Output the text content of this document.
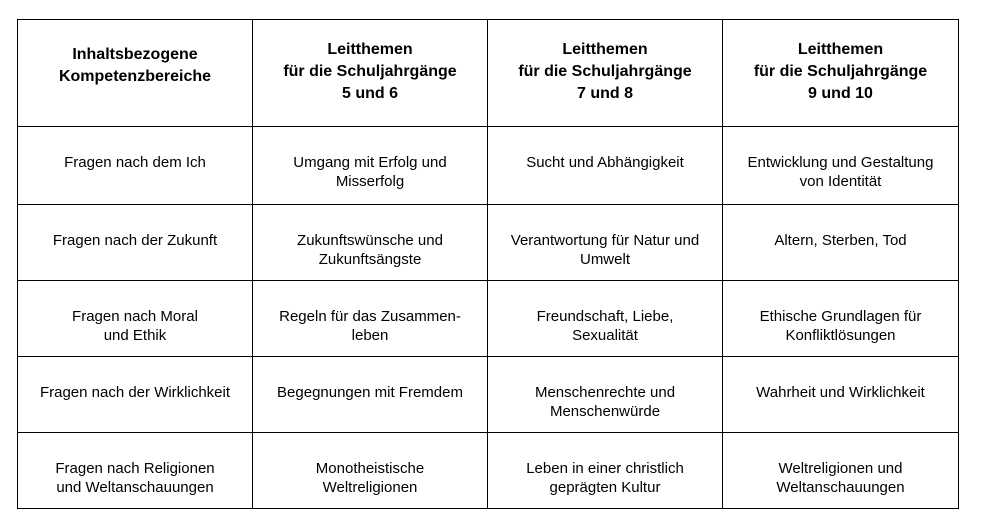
Inhaltsbezogene
Kompetenzbereiche	Leitthemen
für die Schuljahrgänge
5 und 6	Leitthemen
für die Schuljahrgänge
7 und 8	Leitthemen
für die Schuljahrgänge
9 und 10

Fragen nach dem Ich	Umgang mit Erfolg und
Misserfolg	Sucht und Abhängigkeit	Entwicklung und Gestaltung
von Identität

Fragen nach der Zukunft	Zukunftswünsche und
Zukunftsängste	Verantwortung für Natur und
Umwelt	Altern, Sterben, Tod

Fragen nach Moral
und Ethik	Regeln für das Zusammen-
leben	Freundschaft, Liebe,
Sexualität	Ethische Grundlagen für
Konfliktlösungen

Fragen nach der Wirklichkeit	Begegnungen mit Fremdem	Menschenrechte und
Menschenwürde	Wahrheit und Wirklichkeit

Fragen nach Religionen
und Weltanschauungen	Monotheistische
Weltreligionen	Leben in einer christlich
geprägten Kultur	Weltreligionen und
Weltanschauungen
